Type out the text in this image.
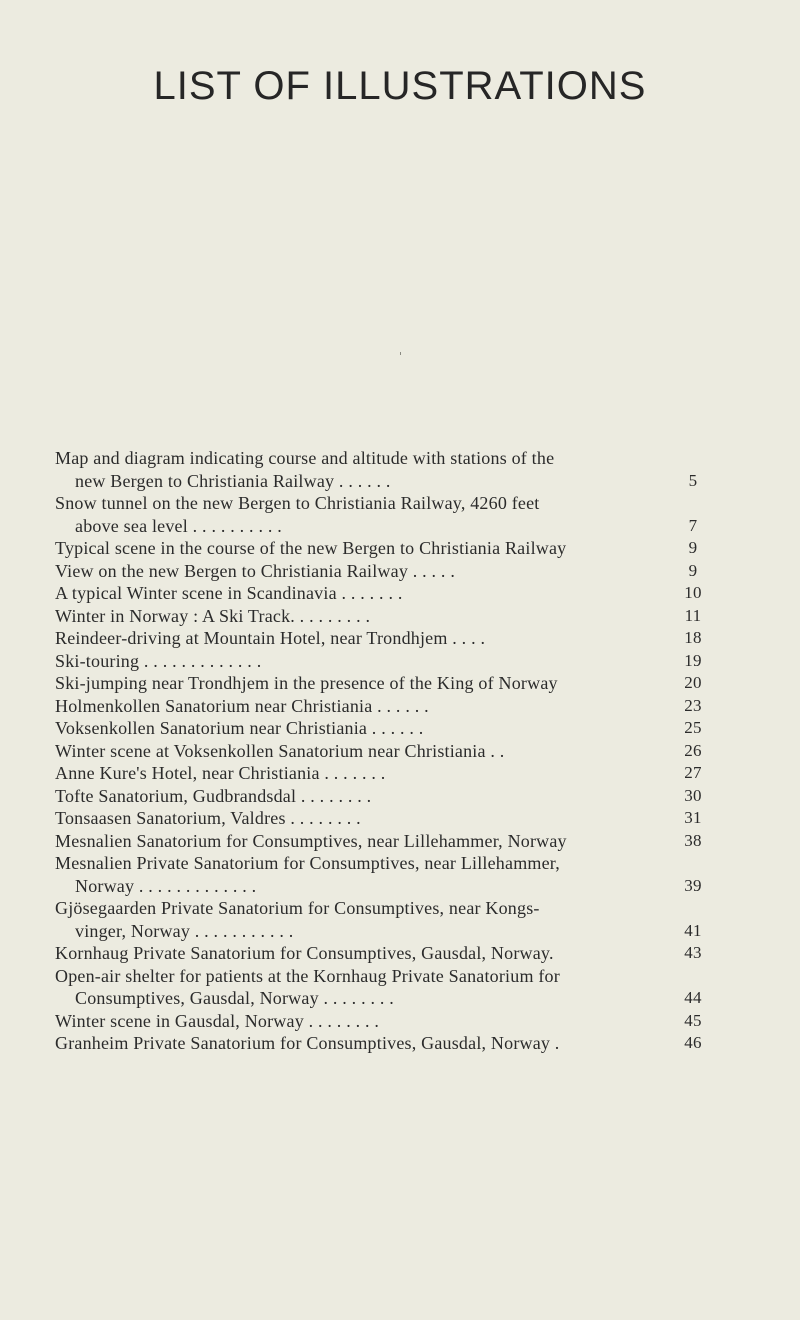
LIST OF ILLUSTRATIONS

Map and diagram indicating course and altitude with stations of the
new Bergen to Christiania Railway . . . . . .	5

Snow tunnel on the new Bergen to Christiania Railway, 4260 feet
above sea level . . . . . . . . . .	7

Typical scene in the course of the new Bergen to Christiania Railway	9

View on the new Bergen to Christiania Railway . . . . .	9

A typical Winter scene in Scandinavia . . . . . . .	10

Winter in Norway : A Ski Track. . . . . . . . .	11

Reindeer-driving at Mountain Hotel, near Trondhjem . . . .	18

Ski-touring . . . . . . . . . . . . .	19

Ski-jumping near Trondhjem in the presence of the King of Norway	20

Holmenkollen Sanatorium near Christiania . . . . . .	23

Voksenkollen Sanatorium near Christiania . . . . . .	25

Winter scene at Voksenkollen Sanatorium near Christiania . .	26

Anne Kure's Hotel, near Christiania . . . . . . .	27

Tofte Sanatorium, Gudbrandsdal . . . . . . . .	30

Tonsaasen Sanatorium, Valdres . . . . . . . .	31

Mesnalien Sanatorium for Consumptives, near Lillehammer, Norway	38

Mesnalien Private Sanatorium for Consumptives, near Lillehammer,
Norway . . . . . . . . . . . . .	39

Gjösegaarden Private Sanatorium for Consumptives, near Kongs-
vinger, Norway . . . . . . . . . . .	41

Kornhaug Private Sanatorium for Consumptives, Gausdal, Norway.	43

Open-air shelter for patients at the Kornhaug Private Sanatorium for
Consumptives, Gausdal, Norway . . . . . . . .	44

Winter scene in Gausdal, Norway . . . . . . . .	45

Granheim Private Sanatorium for Consumptives, Gausdal, Norway .	46
